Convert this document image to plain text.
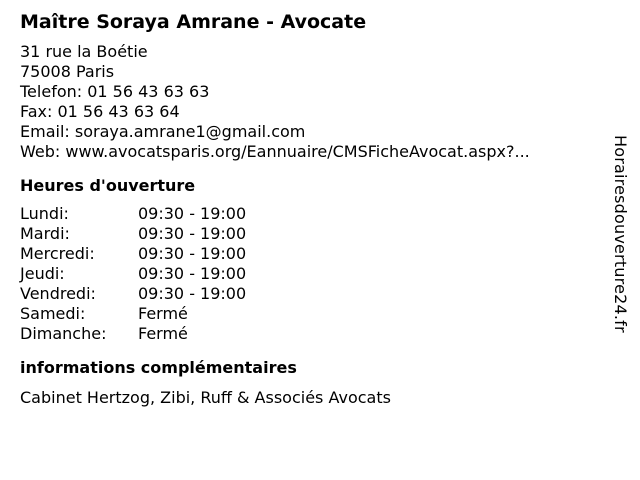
Maître Soraya Amrane - Avocate
31 rue la Boétie
75008 Paris
Telefon: 01 56 43 63 63
Fax: 01 56 43 63 64
Email: soraya.amrane1@gmail.com
Web: www.avocatsparis.org/Eannuaire/CMSFicheAvocat.aspx?...
Heures d'ouverture
Lundi:	09:30 - 19:00
Mardi:	09:30 - 19:00
Mercredi:	09:30 - 19:00
Jeudi:	09:30 - 19:00
Vendredi:	09:30 - 19:00
Samedi:	Fermé
Dimanche:	Fermé
informations complémentaires
Cabinet Hertzog, Zibi, Ruff & Associés Avocats
Horairesdouverture24.fr
